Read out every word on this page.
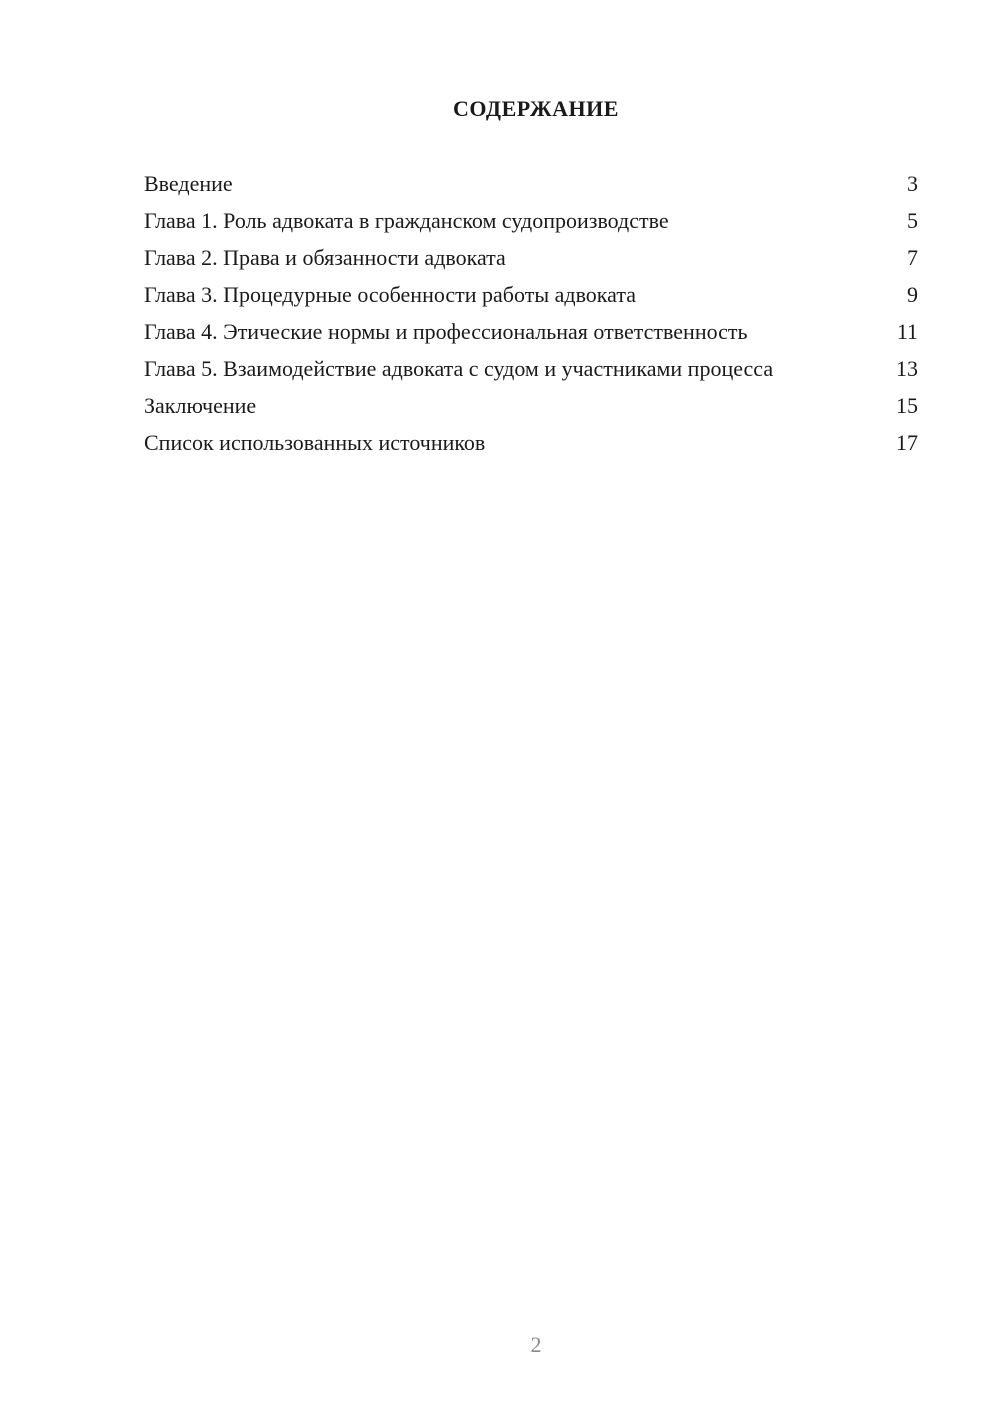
СОДЕРЖАНИЕ
Введение	3
Глава 1. Роль адвоката в гражданском судопроизводстве	5
Глава 2. Права и обязанности адвоката	7
Глава 3. Процедурные особенности работы адвоката	9
Глава 4. Этические нормы и профессиональная ответственность	11
Глава 5. Взаимодействие адвоката с судом и участниками процесса	13
Заключение	15
Список использованных источников	17
2
